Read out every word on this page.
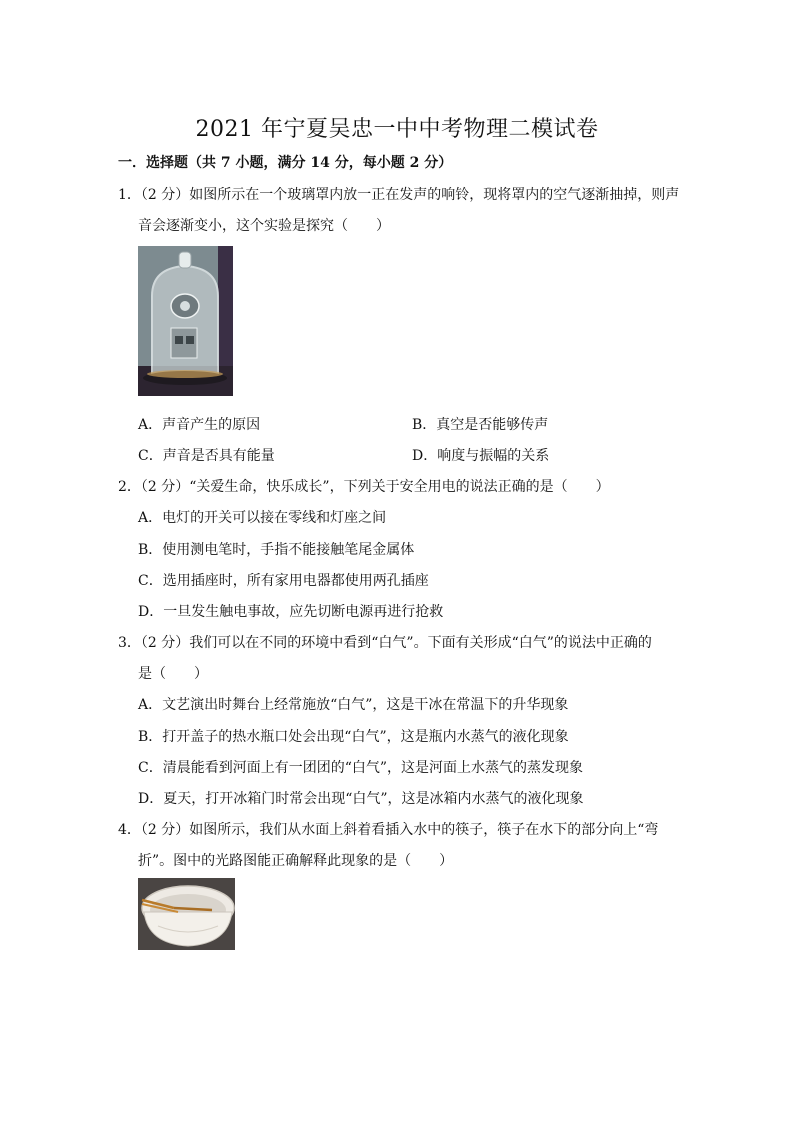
2021 年宁夏吴忠一中中考物理二模试卷
一．选择题（共 7 小题，满分 14 分，每小题 2 分）
1．（2 分）如图所示在一个玻璃罩内放一正在发声的响铃，现将罩内的空气逐渐抽掉，则声
音会逐渐变小，这个实验是探究（　　）
A．声音产生的原因	B．真空是否能够传声
C．声音是否具有能量	D．响度与振幅的关系
2．（2 分）“关爱生命，快乐成长”，下列关于安全用电的说法正确的是（　　）
A．电灯的开关可以接在零线和灯座之间
B．使用测电笔时，手指不能接触笔尾金属体
C．选用插座时，所有家用电器都使用两孔插座
D．一旦发生触电事故，应先切断电源再进行抢救
3．（2 分）我们可以在不同的环境中看到“白气”。下面有关形成“白气”的说法中正确的
是（　　）
A．文艺演出时舞台上经常施放“白气”，这是干冰在常温下的升华现象
B．打开盖子的热水瓶口处会出现“白气”，这是瓶内水蒸气的液化现象
C．清晨能看到河面上有一团团的“白气”，这是河面上水蒸气的蒸发现象
D．夏天，打开冰箱门时常会出现“白气”，这是冰箱内水蒸气的液化现象
4．（2 分）如图所示，我们从水面上斜着看插入水中的筷子，筷子在水下的部分向上“弯
折”。图中的光路图能正确解释此现象的是（　　）
